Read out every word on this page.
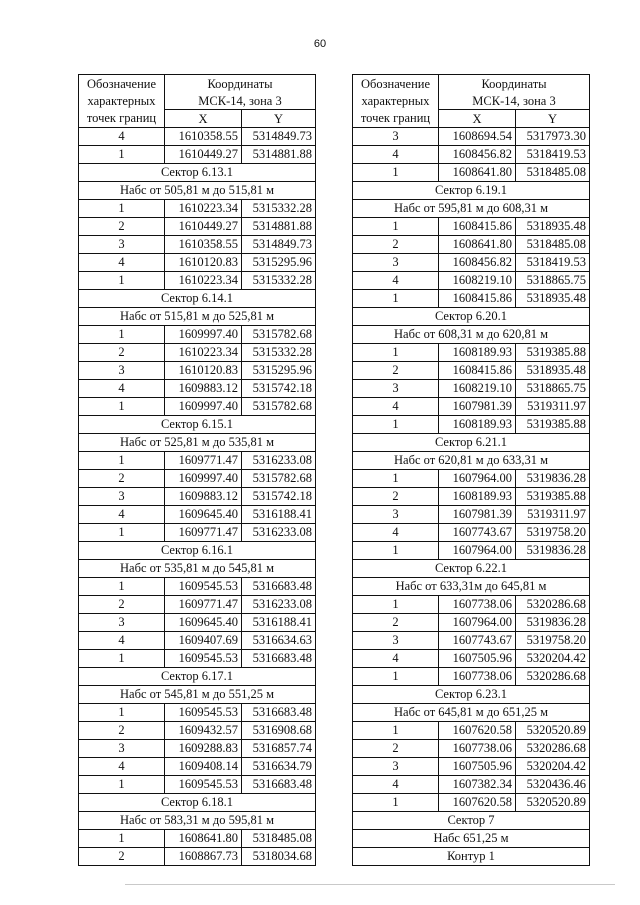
60
Обозначение	Координаты	
характерных	МСК-14, зона 3	
точек границ	X	Y
4	1610358.55	5314849.73
1	1610449.27	5314881.88
Сектор 6.13.1		
Набс от 505,81 м до 515,81 м		
1	1610223.34	5315332.28
2	1610449.27	5314881.88
3	1610358.55	5314849.73
4	1610120.83	5315295.96
1	1610223.34	5315332.28
Сектор 6.14.1		
Набс от 515,81 м до 525,81 м		
1	1609997.40	5315782.68
2	1610223.34	5315332.28
3	1610120.83	5315295.96
4	1609883.12	5315742.18
1	1609997.40	5315782.68
Сектор 6.15.1		
Набс от 525,81 м до 535,81 м		
1	1609771.47	5316233.08
2	1609997.40	5315782.68
3	1609883.12	5315742.18
4	1609645.40	5316188.41
1	1609771.47	5316233.08
Сектор 6.16.1		
Набс от 535,81 м до 545,81 м		
1	1609545.53	5316683.48
2	1609771.47	5316233.08
3	1609645.40	5316188.41
4	1609407.69	5316634.63
1	1609545.53	5316683.48
Сектор 6.17.1		
Набс от 545,81 м до 551,25 м		
1	1609545.53	5316683.48
2	1609432.57	5316908.68
3	1609288.83	5316857.74
4	1609408.14	5316634.79
1	1609545.53	5316683.48
Сектор 6.18.1		
Набс от 583,31 м до 595,81 м		
1	1608641.80	5318485.08
2	1608867.73	5318034.68
Обозначение	Координаты	
характерных	МСК-14, зона 3	
точек границ	X	Y
3	1608694.54	5317973.30
4	1608456.82	5318419.53
1	1608641.80	5318485.08
Сектор 6.19.1		
Набс от 595,81 м до 608,31 м		
1	1608415.86	5318935.48
2	1608641.80	5318485.08
3	1608456.82	5318419.53
4	1608219.10	5318865.75
1	1608415.86	5318935.48
Сектор 6.20.1		
Набс от 608,31 м до 620,81 м		
1	1608189.93	5319385.88
2	1608415.86	5318935.48
3	1608219.10	5318865.75
4	1607981.39	5319311.97
1	1608189.93	5319385.88
Сектор 6.21.1		
Набс от 620,81 м до 633,31 м		
1	1607964.00	5319836.28
2	1608189.93	5319385.88
3	1607981.39	5319311.97
4	1607743.67	5319758.20
1	1607964.00	5319836.28
Сектор 6.22.1		
Набс от 633,31м до 645,81 м		
1	1607738.06	5320286.68
2	1607964.00	5319836.28
3	1607743.67	5319758.20
4	1607505.96	5320204.42
1	1607738.06	5320286.68
Сектор 6.23.1		
Набс от 645,81 м до 651,25 м		
1	1607620.58	5320520.89
2	1607738.06	5320286.68
3	1607505.96	5320204.42
4	1607382.34	5320436.46
1	1607620.58	5320520.89
Сектор 7		
Набс 651,25 м		
Контур 1		
